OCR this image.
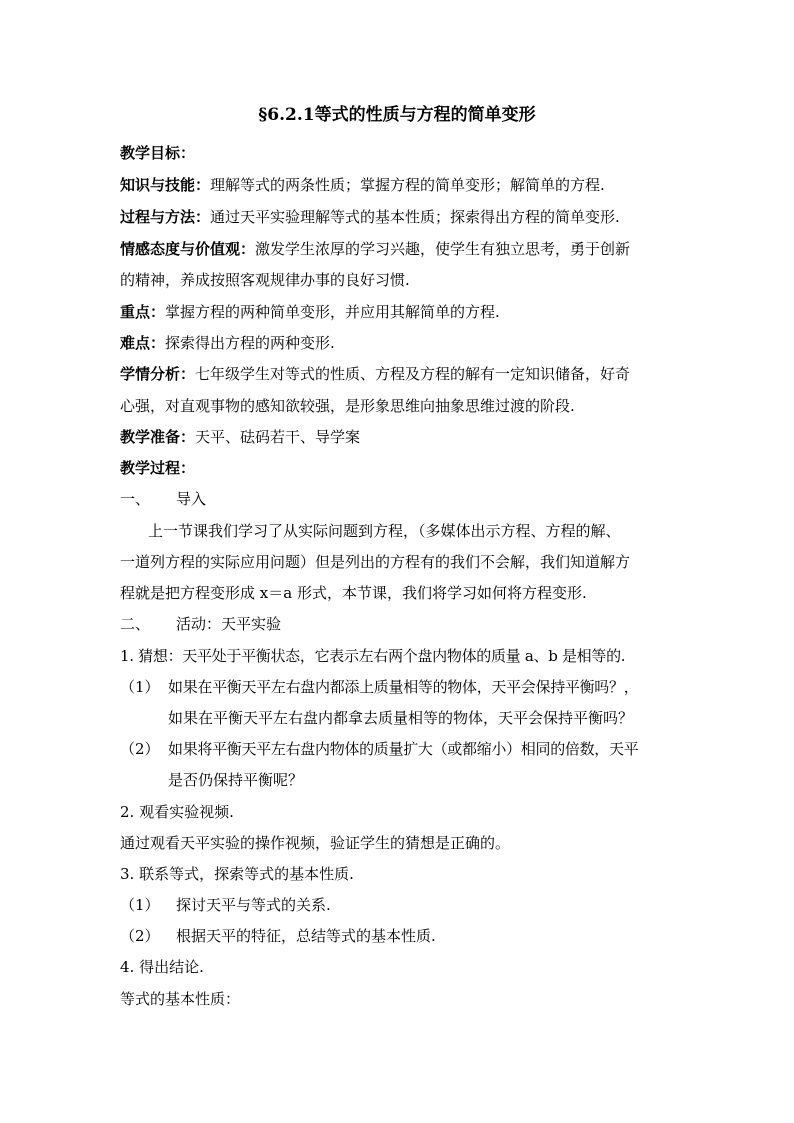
§6.2.1等式的性质与方程的简单变形
教学目标：
知识与技能：理解等式的两条性质；掌握方程的简单变形；解简单的方程.
过程与方法：通过天平实验理解等式的基本性质；探索得出方程的简单变形.
情感态度与价值观：激发学生浓厚的学习兴趣，使学生有独立思考，勇于创新
的精神，养成按照客观规律办事的良好习惯.
重点：掌握方程的两种简单变形，并应用其解简单的方程.
难点：探索得出方程的两种变形.
学情分析：七年级学生对等式的性质、方程及方程的解有一定知识储备，好奇
心强，对直观事物的感知欲较强，是形象思维向抽象思维过渡的阶段.
教学准备：天平、砝码若干、导学案
教学过程：
一、 导入
上一节课我们学习了从实际问题到方程，（多媒体出示方程、方程的解、
一道列方程的实际应用问题）但是列出的方程有的我们不会解，我们知道解方
程就是把方程变形成 x＝a 形式，本节课，我们将学习如何将方程变形.
二、 活动：天平实验
1. 猜想：天平处于平衡状态，它表示左右两个盘内物体的质量 a、b 是相等的.
（1） 如果在平衡天平左右盘内都添上质量相等的物体，天平会保持平衡吗？，
如果在平衡天平左右盘内都拿去质量相等的物体，天平会保持平衡吗？
（2） 如果将平衡天平左右盘内物体的质量扩大（或都缩小）相同的倍数，天平
是否仍保持平衡呢？
2. 观看实验视频.
通过观看天平实验的操作视频，验证学生的猜想是正确的。
3. 联系等式，探索等式的基本性质.
（1） 探讨天平与等式的关系.
（2） 根据天平的特征，总结等式的基本性质.
4. 得出结论.
等式的基本性质：
